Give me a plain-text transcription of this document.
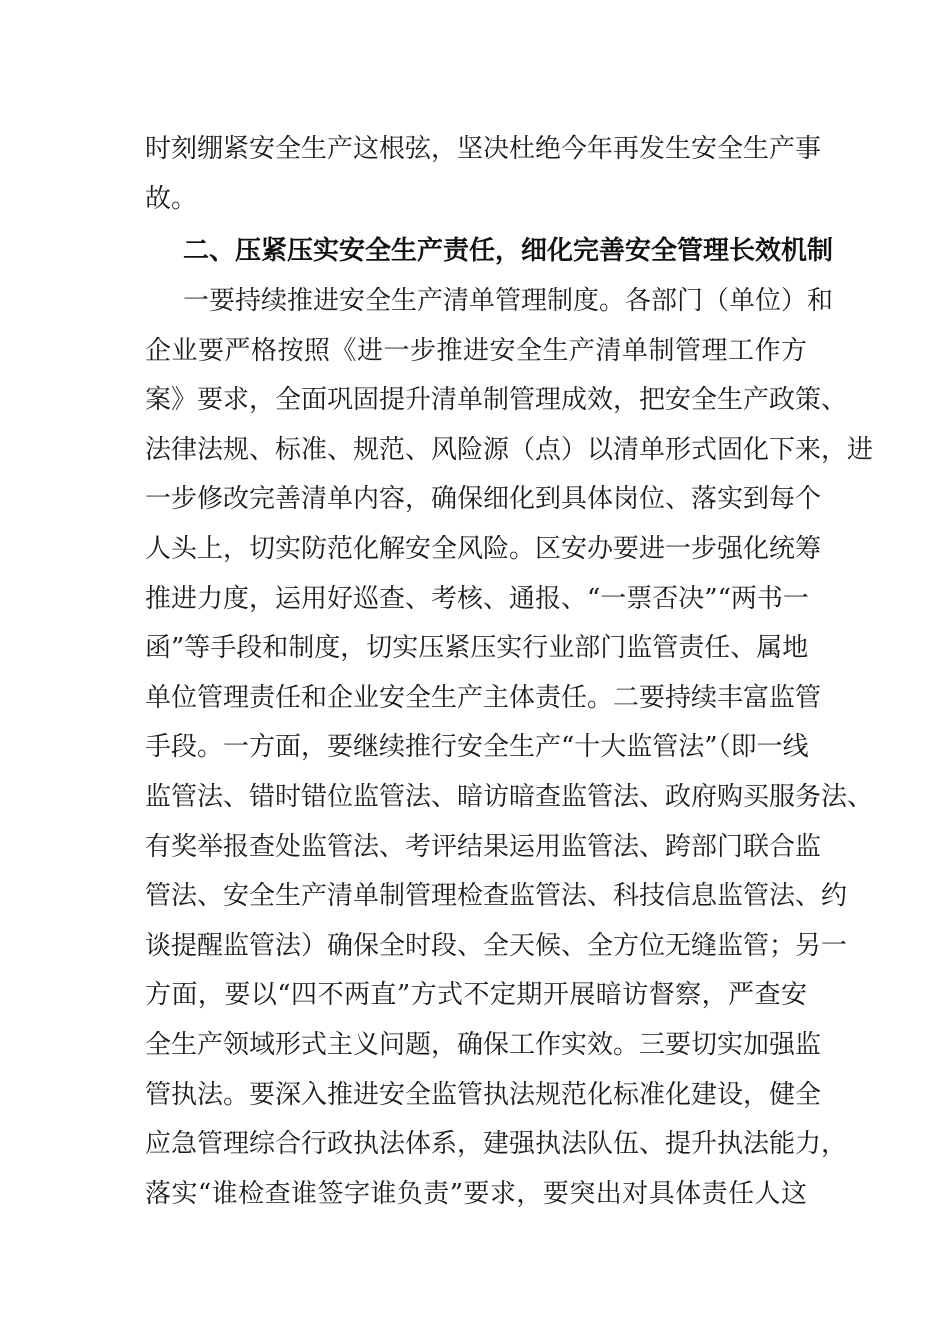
时刻绷紧安全生产这根弦，坚决杜绝今年再发生安全生产事
故。
二、压紧压实安全生产责任，细化完善安全管理长效机制
一要持续推进安全生产清单管理制度。各部门（单位）和
企业要严格按照《进一步推进安全生产清单制管理工作方
案》要求，全面巩固提升清单制管理成效，把安全生产政策、
法律法规、标准、规范、风险源（点）以清单形式固化下来，进
一步修改完善清单内容，确保细化到具体岗位、落实到每个
人头上，切实防范化解安全风险。区安办要进一步强化统筹
推进力度，运用好巡查、考核、通报、“一票否决”“两书一
函”等手段和制度，切实压紧压实行业部门监管责任、属地
单位管理责任和企业安全生产主体责任。二要持续丰富监管
手段。一方面，要继续推行安全生产“十大监管法”（即一线
监管法、错时错位监管法、暗访暗查监管法、政府购买服务法、
有奖举报查处监管法、考评结果运用监管法、跨部门联合监
管法、安全生产清单制管理检查监管法、科技信息监管法、约
谈提醒监管法）确保全时段、全天候、全方位无缝监管；另一
方面，要以“四不两直”方式不定期开展暗访督察，严查安
全生产领域形式主义问题，确保工作实效。三要切实加强监
管执法。要深入推进安全监管执法规范化标准化建设，健全
应急管理综合行政执法体系，建强执法队伍、提升执法能力，
落实“谁检查谁签字谁负责”要求，要突出对具体责任人这
